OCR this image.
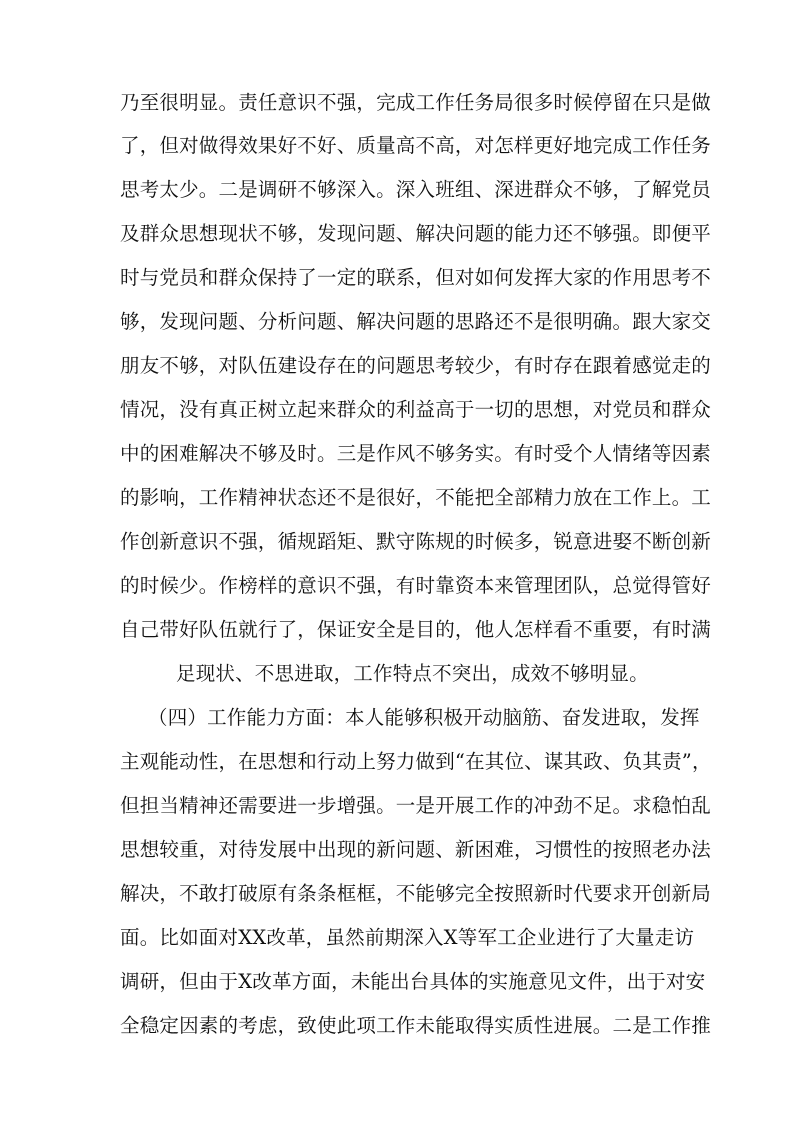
乃至很明显。责任意识不强，完成工作任务局很多时候停留在只是做
了，但对做得效果好不好、质量高不高，对怎样更好地完成工作任务
思考太少。二是调研不够深入。深入班组、深进群众不够，了解党员
及群众思想现状不够，发现问题、解决问题的能力还不够强。即便平
时与党员和群众保持了一定的联系，但对如何发挥大家的作用思考不
够，发现问题、分析问题、解决问题的思路还不是很明确。跟大家交
朋友不够，对队伍建设存在的问题思考较少，有时存在跟着感觉走的
情况，没有真正树立起来群众的利益高于一切的思想，对党员和群众
中的困难解决不够及时。三是作风不够务实。有时受个人情绪等因素
的影响，工作精神状态还不是很好，不能把全部精力放在工作上。工
作创新意识不强，循规蹈矩、默守陈规的时候多，锐意进娶不断创新
的时候少。作榜样的意识不强，有时靠资本来管理团队，总觉得管好
自己带好队伍就行了，保证安全是目的，他人怎样看不重要，有时满
足现状、不思进取，工作特点不突出，成效不够明显。
（四）工作能力方面：本人能够积极开动脑筋、奋发进取，发挥
主观能动性，在思想和行动上努力做到“在其位、谋其政、负其责”，
但担当精神还需要进一步增强。一是开展工作的冲劲不足。求稳怕乱
思想较重，对待发展中出现的新问题、新困难，习惯性的按照老办法
解决，不敢打破原有条条框框，不能够完全按照新时代要求开创新局
面。比如面对XX改革，虽然前期深入X等军工企业进行了大量走访
调研，但由于X改革方面，未能出台具体的实施意见文件，出于对安
全稳定因素的考虑，致使此项工作未能取得实质性进展。二是工作推
